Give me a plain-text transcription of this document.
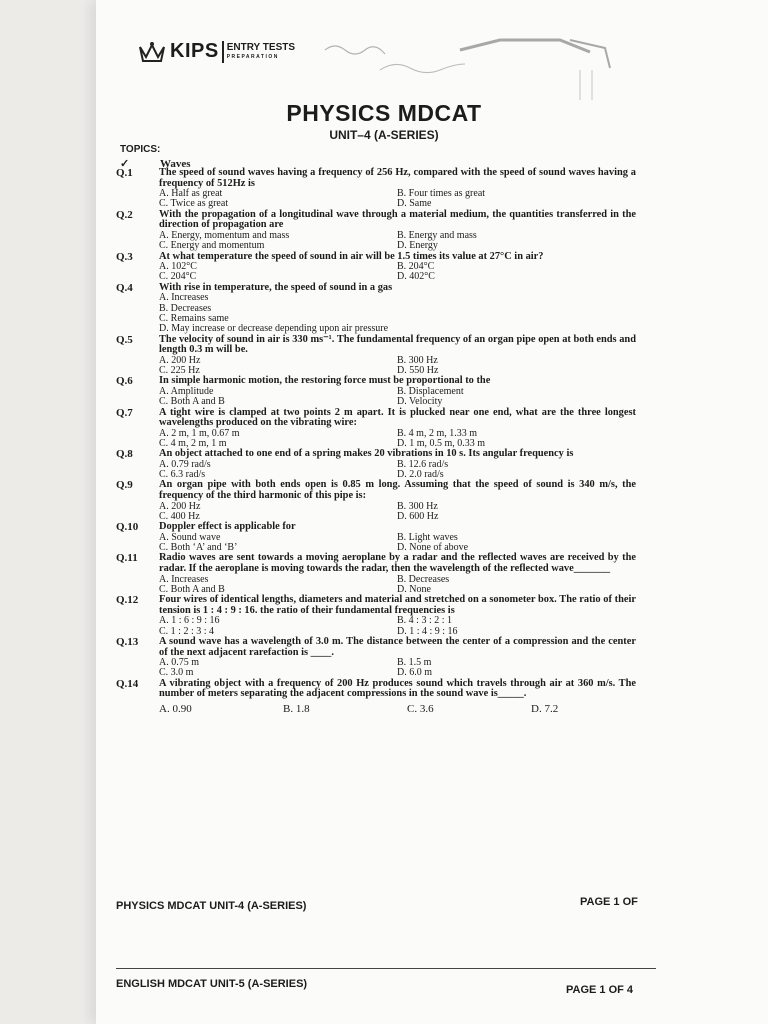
KIPS ENTRY TESTS
PREPARATION
PHYSICS MDCAT
UNIT–4 (A-SERIES)
TOPICS:
✓	Waves
Q.1	The speed of sound waves having a frequency of 256 Hz, compared with the speed of sound waves having a frequency of 512Hz is
A. Half as great	B. Four times as great
C. Twice as great	D. Same
Q.2	With the propagation of a longitudinal wave through a material medium, the quantities transferred in the direction of propagation are
A. Energy, momentum and mass	B. Energy and mass
C. Energy and momentum	D. Energy
Q.3	At what temperature the speed of sound in air will be 1.5 times its value at 27°C in air?
A. 102°C	B. 204°C
C. 204°C	D. 402°C
Q.4	With rise in temperature, the speed of sound in a gas
A. Increases
B. Decreases
C. Remains same
D. May increase or decrease depending upon air pressure
Q.5	The velocity of sound in air is 330 ms⁻¹. The fundamental frequency of an organ pipe open at both ends and length 0.3 m will be.
A. 200 Hz	B. 300 Hz
C. 225 Hz	D. 550 Hz
Q.6	In simple harmonic motion, the restoring force must be proportional to the
A. Amplitude	B. Displacement
C. Both A and B	D. Velocity
Q.7	A tight wire is clamped at two points 2 m apart. It is plucked near one end, what are the three longest wavelengths produced on the vibrating wire:
A. 2 m, 1 m, 0.67 m	B. 4 m, 2 m, 1.33 m
C. 4 m, 2 m, 1 m	D. 1 m, 0.5 m, 0.33 m
Q.8	An object attached to one end of a spring makes 20 vibrations in 10 s. Its angular frequency is
A. 0.79 rad/s	B. 12.6 rad/s
C. 6.3 rad/s	D. 2.0 rad/s
Q.9	An organ pipe with both ends open is 0.85 m long. Assuming that the speed of sound is 340 m/s, the frequency of the third harmonic of this pipe is:
A. 200 Hz	B. 300 Hz
C. 400 Hz	D. 600 Hz
Q.10	Doppler effect is applicable for
A. Sound wave	B. Light waves
C. Both ‘A’ and ‘B’	D. None of above
Q.11	Radio waves are sent towards a moving aeroplane by a radar and the reflected waves are received by the radar. If the aeroplane is moving towards the radar, then the wavelength of the reflected wave_______
A. Increases	B. Decreases
C. Both A and B	D. None
Q.12	Four wires of identical lengths, diameters and material and stretched on a sonometer box. The ratio of their tension is 1 : 4 : 9 : 16. the ratio of their fundamental frequencies is
A. 1 : 6 : 9 : 16	B. 4 : 3 : 2 : 1
C. 1 : 2 : 3 : 4	D. 1 : 4 : 9 : 16
Q.13	A sound wave has a wavelength of 3.0 m. The distance between the center of a compression and the center of the next adjacent rarefaction is ____.
A. 0.75 m	B. 1.5 m
C. 3.0 m	D. 6.0 m
Q.14	A vibrating object with a frequency of 200 Hz produces sound which travels through air at 360 m/s. The number of meters separating the adjacent compressions in the sound wave is_____.
A. 0.90	B. 1.8	C. 3.6	D. 7.2
PHYSICS MDCAT UNIT-4 (A-SERIES)	PAGE 1 OF
ENGLISH MDCAT UNIT-5 (A-SERIES)	PAGE 1 OF 4
